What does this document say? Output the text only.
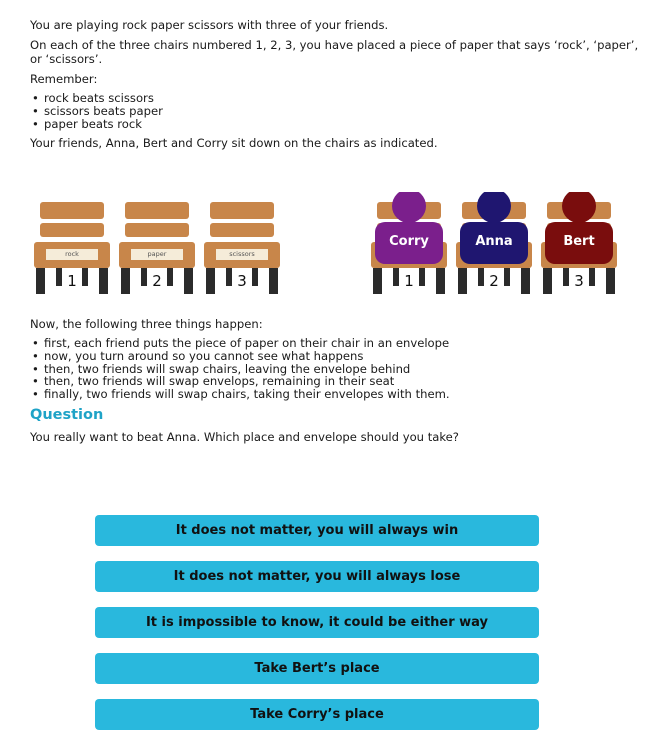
You are playing rock paper scissors with three of your friends.

On each of the three chairs numbered 1, 2, 3, you have placed a piece of paper that says ‘rock’, ‘paper’, or ‘scissors’.

Remember:

• rock beats scissors
• scissors beats paper
• paper beats rock

Your friends, Anna, Bert and Corry sit down on the chairs as indicated.

rock
1
paper
2
scissors
3
Corry
1
Anna
2
Bert
3

Now, the following three things happen:

• first, each friend puts the piece of paper on their chair in an envelope
• now, you turn around so you cannot see what happens
• then, two friends will swap chairs, leaving the envelope behind
• then, two friends will swap envelops, remaining in their seat
• finally, two friends will swap chairs, taking their envelopes with them.
Question

You really want to beat Anna. Which place and envelope should you take?

It does not matter, you will always win
It does not matter, you will always lose
It is impossible to know, it could be either way
Take Bert’s place
Take Corry’s place
